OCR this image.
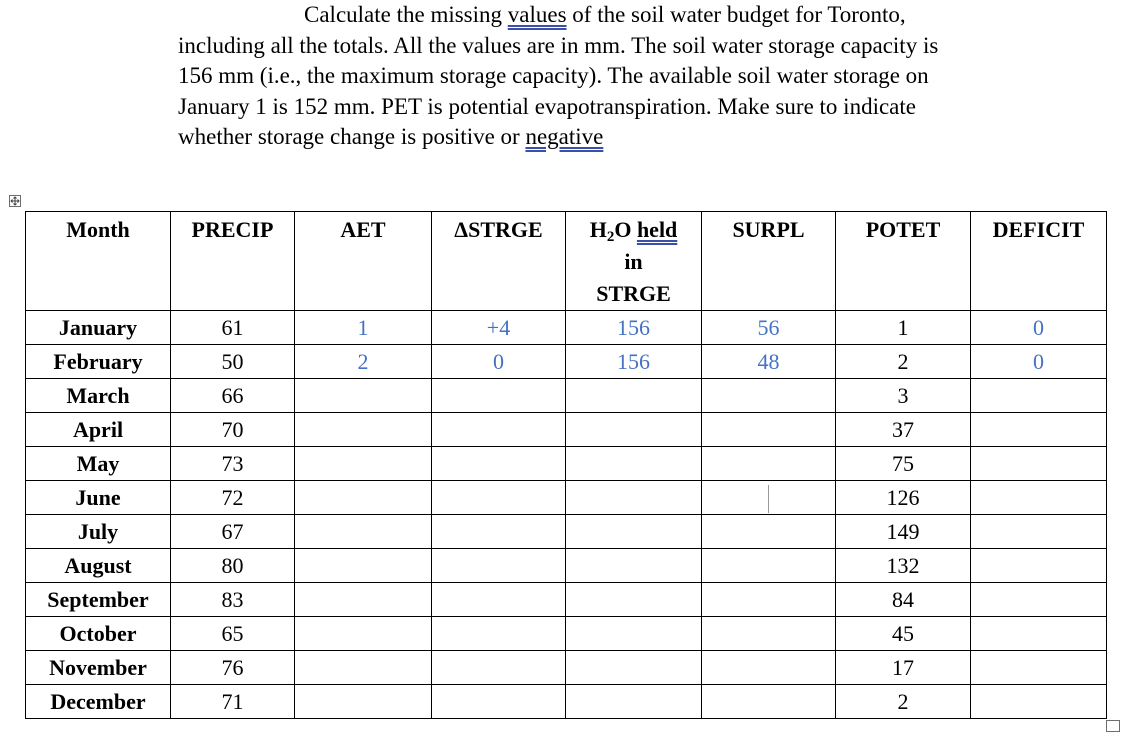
Calculate the missing values of the soil water budget for Toronto,
including all the totals. All the values are in mm. The soil water storage capacity is
156 mm (i.e., the maximum storage capacity). The available soil water storage on
January 1 is 152 mm. PET is potential evapotranspiration. Make sure to indicate
whether storage change is positive or negative
Month	PRECIP	AET	ΔSTRGE	H2O held
in
STRGE	SURPL	POTET	DEFICIT
January	61	1	+4	156	56	1	0
February	50	2	0	156	48	2	0
March	66					3	
April	70					37	
May	73					75	
June	72					126	
July	67					149	
August	80					132	
September	83					84	
October	65					45	
November	76					17	
December	71					2	
